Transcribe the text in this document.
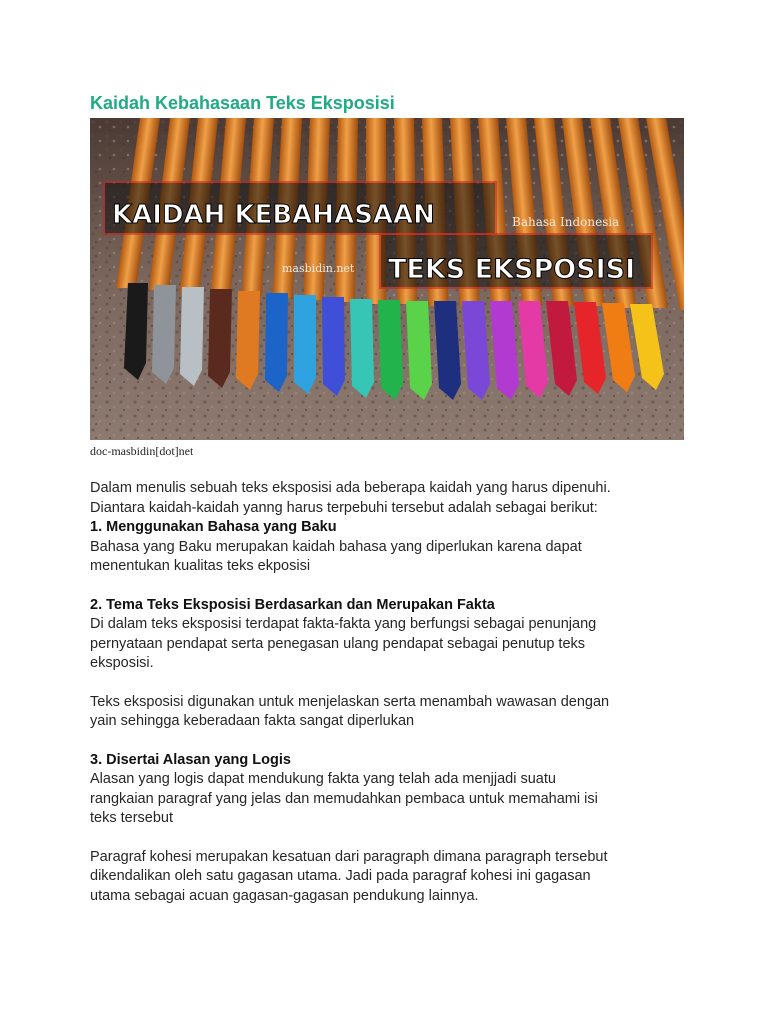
Kaidah Kebahasaan Teks Eksposisi
KAIDAH KEBAHASAAN
TEKS EKSPOSISI
Bahasa Indonesia
masbidin.net

doc-masbidin[dot]net

Dalam menulis sebuah teks eksposisi ada beberapa kaidah yang harus dipenuhi.

Diantara kaidah-kaidah yanng harus terpebuhi tersebut adalah sebagai berikut:

1. Menggunakan Bahasa yang Baku

Bahasa yang Baku merupakan kaidah bahasa yang diperlukan karena dapat

menentukan kualitas teks ekposisi

2. Tema Teks Eksposisi Berdasarkan dan Merupakan Fakta

Di dalam teks eksposisi terdapat fakta-fakta yang berfungsi sebagai penunjang

pernyataan pendapat serta penegasan ulang pendapat sebagai penutup teks

eksposisi.

Teks eksposisi digunakan untuk menjelaskan serta menambah wawasan dengan

yain sehingga keberadaan fakta sangat diperlukan

3. Disertai Alasan yang Logis

Alasan yang logis dapat mendukung fakta yang telah ada menjjadi suatu

rangkaian paragraf yang jelas dan memudahkan pembaca untuk memahami isi

teks tersebut

Paragraf kohesi merupakan kesatuan dari paragraph dimana paragraph tersebut

dikendalikan oleh satu gagasan utama. Jadi pada paragraf kohesi ini gagasan

utama sebagai acuan gagasan-gagasan pendukung lainnya.
